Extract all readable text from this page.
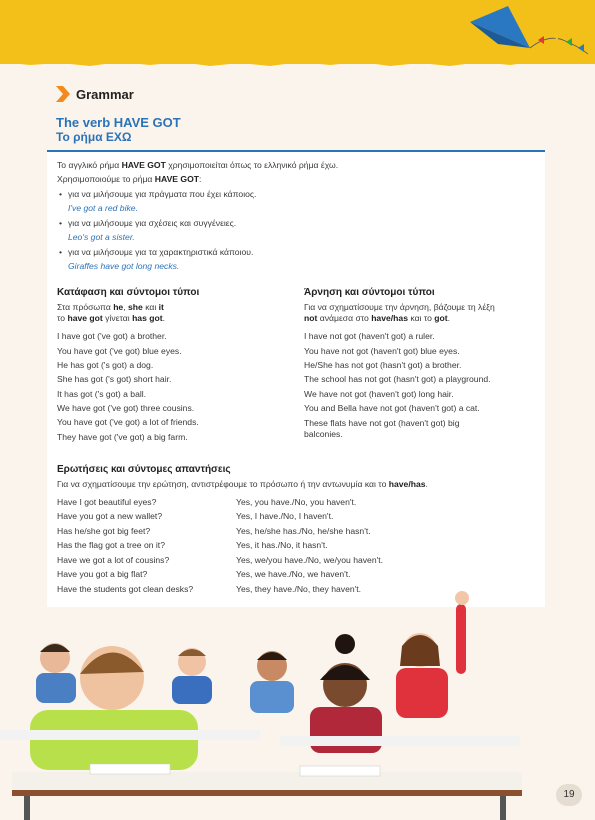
Grammar
The verb HAVE GOT
Το ρήμα ΕΧΩ
Το αγγλικό ρήμα HAVE GOT χρησιμοποιείται όπως το ελληνικό ρήμα έχω.
Χρησιμοποιούμε το ρήμα HAVE GOT:
• για να μιλήσουμε για πράγματα που έχει κάποιος.
I've got a red bike.
• για να μιλήσουμε για σχέσεις και συγγένειες.
Leo's got a sister.
• για να μιλήσουμε για τα χαρακτηριστικά κάποιου.
Giraffes have got long necks.
Κατάφαση και σύντομοι τύποι
Στα πρόσωπα he, she και it
το have got γίνεται has got.
I have got ('ve got) a brother.
You have got ('ve got) blue eyes.
He has got ('s got) a dog.
She has got ('s got) short hair.
It has got ('s got) a ball.
We have got ('ve got) three cousins.
You have got ('ve got) a lot of friends.
They have got ('ve got) a big farm.
Άρνηση και σύντομοι τύποι
Για να σχηματίσουμε την άρνηση, βάζουμε τη λέξη
not ανάμεσα στο have/has και το got.
I have not got (haven't got) a ruler.
You have not got (haven't got) blue eyes.
He/She has not got (hasn't got) a brother.
The school has not got (hasn't got) a playground.
We have not got (haven't got) long hair.
You and Bella have not got (haven't got) a cat.
These flats have not got (haven't got) big
balconies.
Ερωτήσεις και σύντομες απαντήσεις
Για να σχηματίσουμε την ερώτηση, αντιστρέφουμε το πρόσωπο ή την αντωνυμία και το have/has.
Have I got beautiful eyes?	Yes, you have./No, you haven't.
Have you got a new wallet?	Yes, I have./No, I haven't.
Has he/she got big feet?	Yes, he/she has./No, he/she hasn't.
Has the flag got a tree on it?	Yes, it has./No, it hasn't.
Have we got a lot of cousins?	Yes, we/you have./No, we/you haven't.
Have you got a big flat?	Yes, we have./No, we haven't.
Have the students got clean desks?	Yes, they have./No, they haven't.
19
